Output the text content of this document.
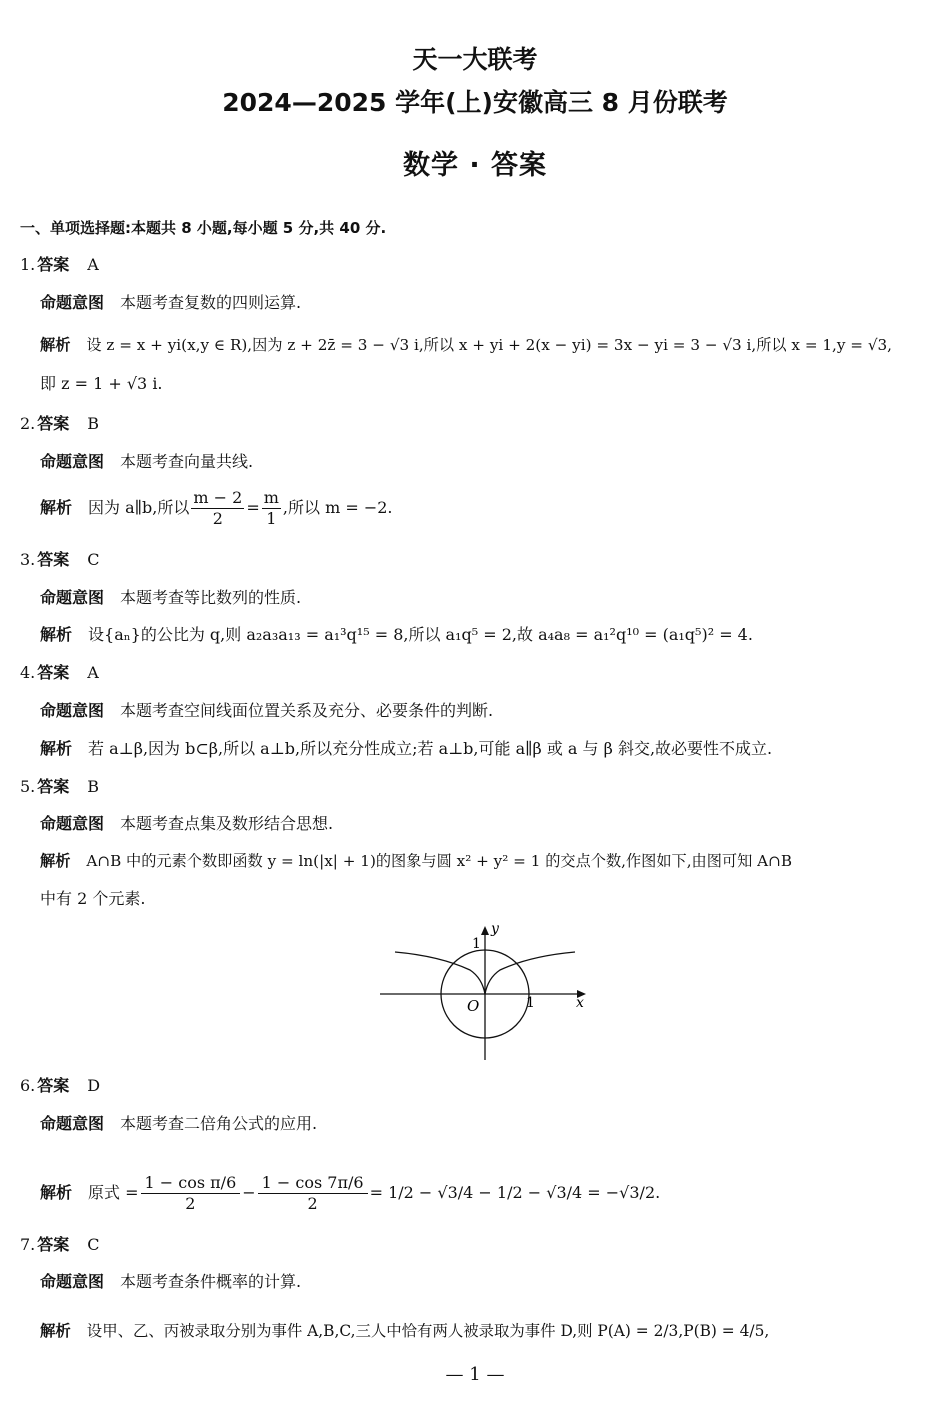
天一大联考
2024—2025 学年(上)安徽高三 8 月份联考
数学 · 答案
一、单项选择题:本题共 8 小题,每小题 5 分,共 40 分.
1. 答案 A
命题意图 本题考查复数的四则运算.
解析 设 z = x + yi(x,y ∈ R),因为 z + 2z̄ = 3 − √3 i,所以 x + yi + 2(x − yi) = 3x − yi = 3 − √3 i,所以 x = 1,y = √3,
即 z = 1 + √3 i.
2. 答案 B
命题意图 本题考查向量共线.
解析 因为 a∥b,所以 $\frac{m - 2}{2} = \frac{m}{1}$ ,所以 m = −2.
3. 答案 C
命题意图 本题考查等比数列的性质.
解析 设{aₙ}的公比为 q,则 a₂a₃a₁₃ = a₁³q¹⁵ = 8,所以 a₁q⁵ = 2,故 a₄a₈ = a₁²q¹⁰ = (a₁q⁵)² = 4.
4. 答案 A
命题意图 本题考查空间线面位置关系及充分、必要条件的判断.
解析 若 a⊥β,因为 b⊂β,所以 a⊥b,所以充分性成立;若 a⊥b,可能 a∥β 或 a 与 β 斜交,故必要性不成立.
5. 答案 B
命题意图 本题考查点集及数形结合思想.
解析 A∩B 中的元素个数即函数 y = ln(|x| + 1)的图象与圆 x² + y² = 1 的交点个数,作图如下,由图可知 A∩B
中有 2 个元素.
y
x
O
1
1
6. 答案 D
命题意图 本题考查二倍角公式的应用.
解析 原式 = $\frac{\text{1 − cos π/6}}{2} - \frac{1 - \cos 7\pi/6}{2} = 1/2 - √3/4 - 1/2 - √3/4 = -√3/2$.
7. 答案 C
命题意图 本题考查条件概率的计算.
解析 设甲、乙、丙被录取分别为事件 A,B,C,三人中恰有两人被录取为事件 D,则 P(A) = 2/3,P(B) = 4/5,
— 1 —
